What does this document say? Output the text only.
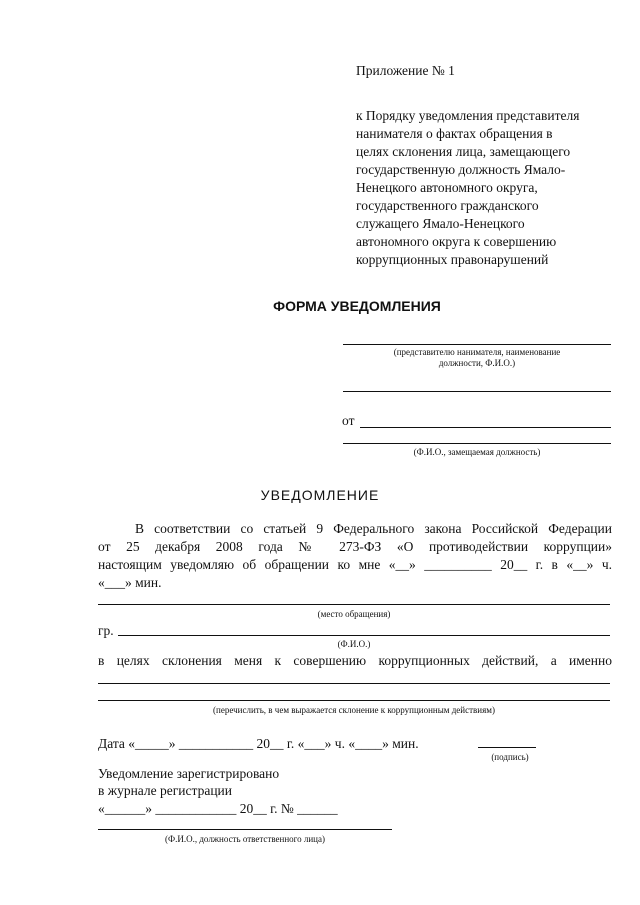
Приложение № 1
к Порядку уведомления представителя
нанимателя о фактах обращения в
целях склонения лица, замещающего
государственную должность Ямало-
Ненецкого автономного округа,
государственного гражданского
служащего Ямало-Ненецкого
автономного округа к совершению
коррупционных правонарушений
ФОРМА УВЕДОМЛЕНИЯ
(представителю нанимателя, наименование
должности, Ф.И.О.)
от
(Ф.И.О., замещаемая должность)
УВЕДОМЛЕНИЕ
В соответствии со статьей 9 Федерального закона Российской Федерации
от 25 декабря 2008 года № 273-ФЗ «О противодействии коррупции»
настоящим уведомляю об обращении ко мне «__» __________ 20__ г. в «__» ч.
«___» мин.
(место обращения)
гр.
(Ф.И.О.)
в целях склонения меня к совершению коррупционных действий, а именно
(перечислить, в чем выражается склонение к коррупционным действиям)
Дата «_____» ___________ 20__ г. «___» ч. «____» мин.
(подпись)
Уведомление зарегистрировано
в журнале регистрации
«______» ____________ 20__ г. № ______
(Ф.И.О., должность ответственного лица)
